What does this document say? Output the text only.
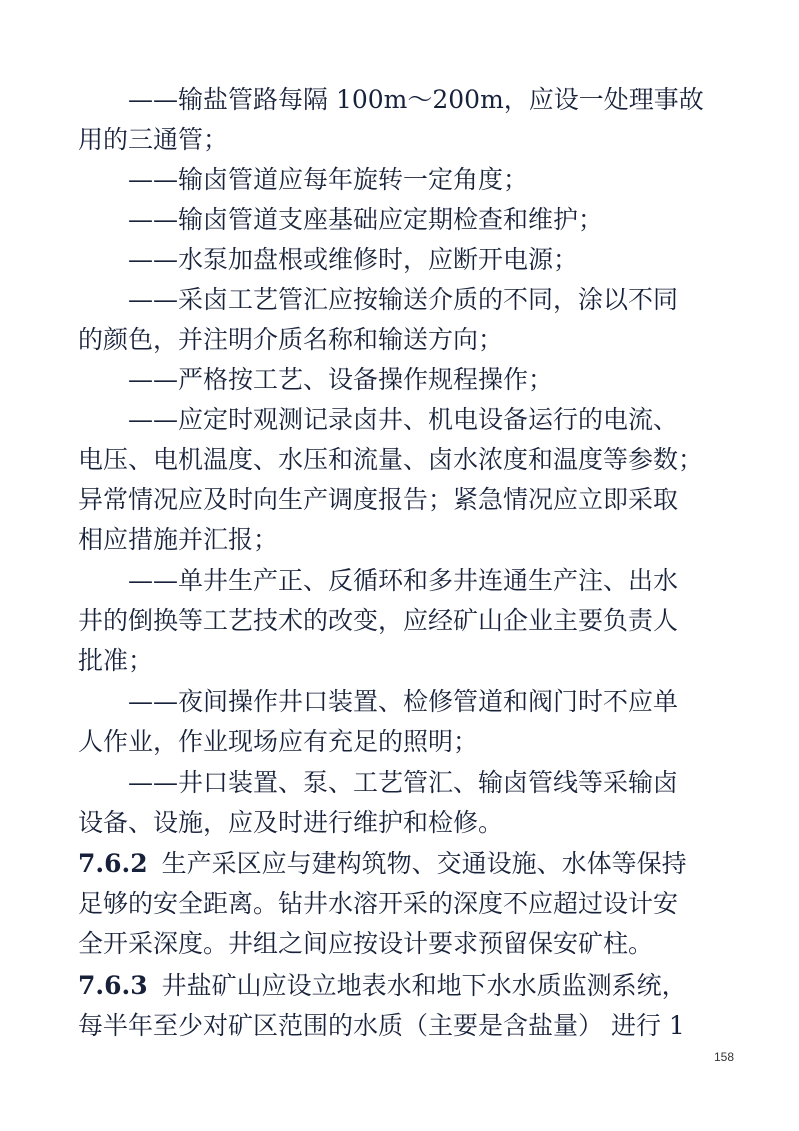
——输盐管路每隔 100m～200m，应设一处理事故
用的三通管；
——输卤管道应每年旋转一定角度；
——输卤管道支座基础应定期检查和维护；
——水泵加盘根或维修时，应断开电源；
——采卤工艺管汇应按输送介质的不同，涂以不同
的颜色，并注明介质名称和输送方向；
——严格按工艺、设备操作规程操作；
——应定时观测记录卤井、机电设备运行的电流、
电压、电机温度、水压和流量、卤水浓度和温度等参数；
异常情况应及时向生产调度报告；紧急情况应立即采取
相应措施并汇报；
——单井生产正、反循环和多井连通生产注、出水
井的倒换等工艺技术的改变，应经矿山企业主要负责人
批准；
——夜间操作井口装置、检修管道和阀门时不应单
人作业，作业现场应有充足的照明；
——井口装置、泵、工艺管汇、输卤管线等采输卤
设备、设施，应及时进行维护和检修。
7.6.2 生产采区应与建构筑物、交通设施、水体等保持
足够的安全距离。钻井水溶开采的深度不应超过设计安
全开采深度。井组之间应按设计要求预留保安矿柱。
7.6.3 井盐矿山应设立地表水和地下水水质监测系统，
每半年至少对矿区范围的水质（主要是含盐量） 进行 1
158
